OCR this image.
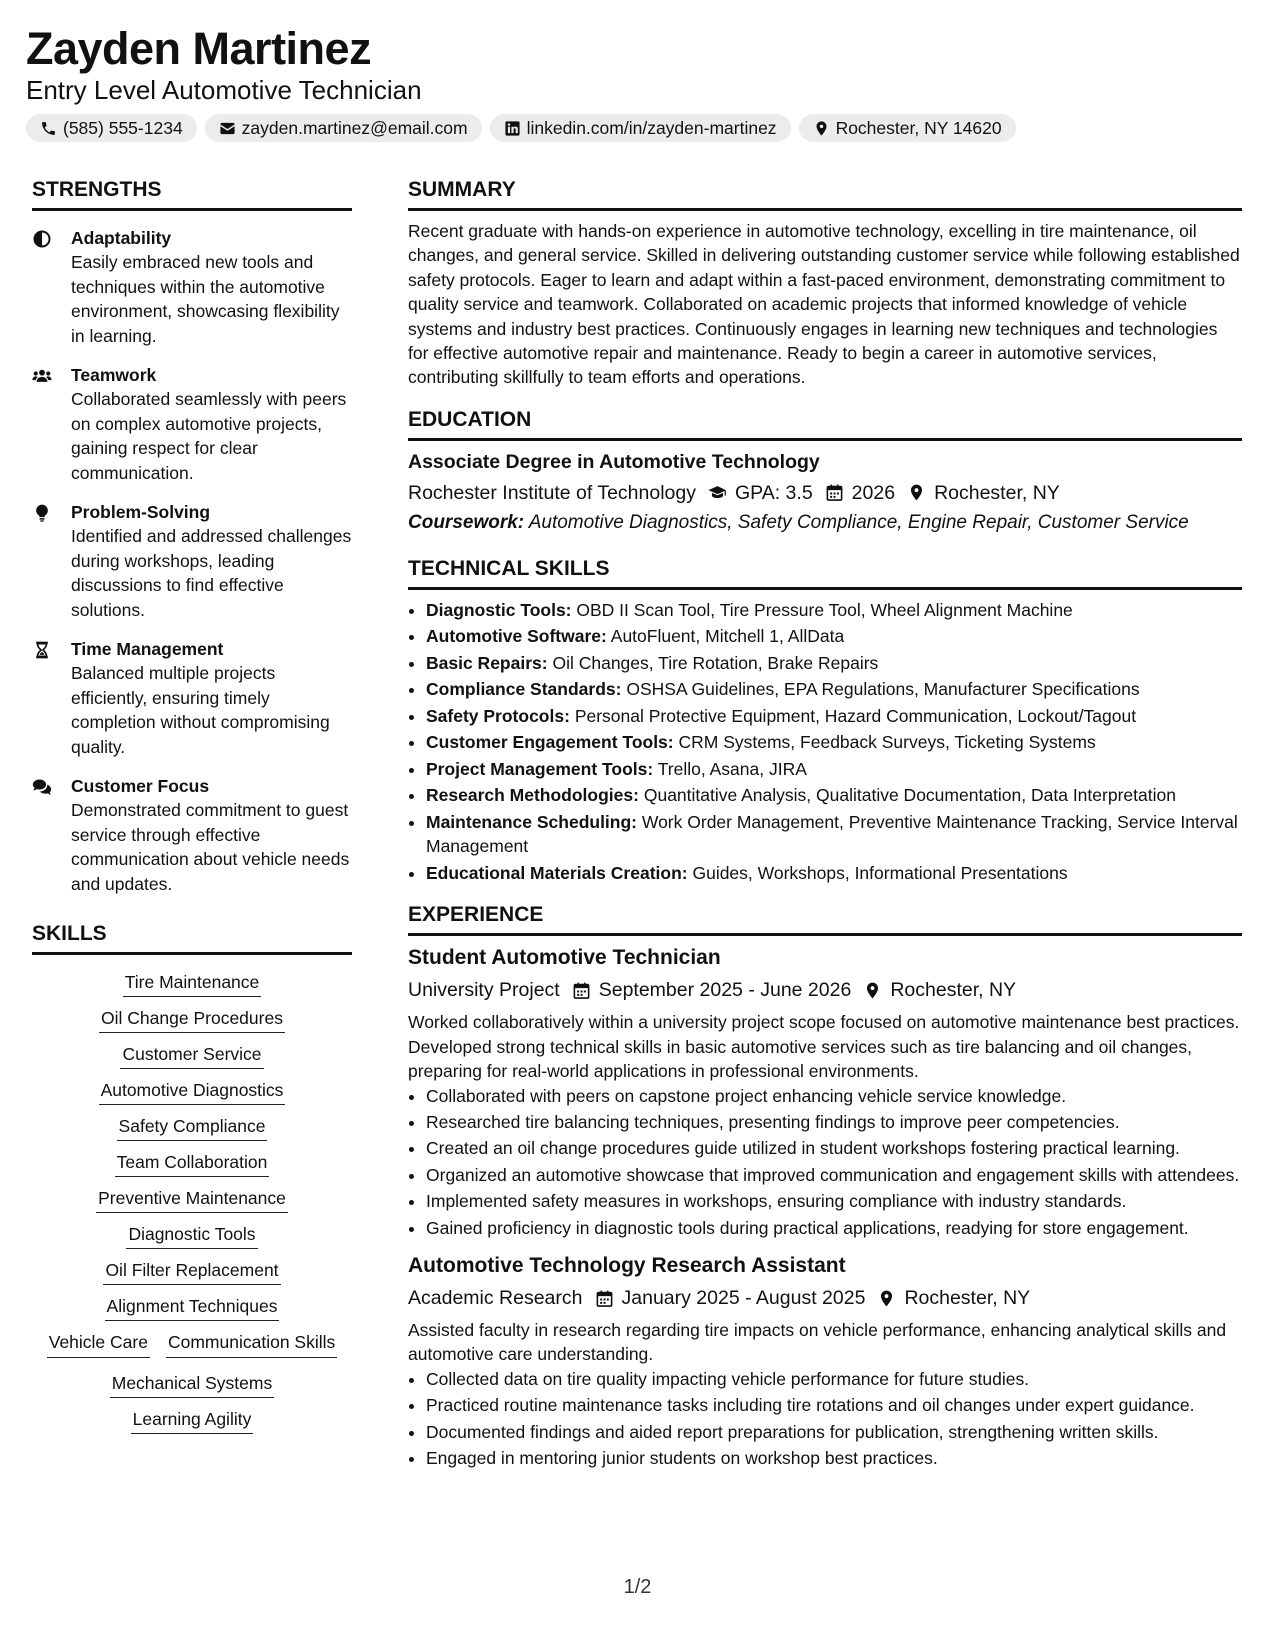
Zayden Martinez
Entry Level Automotive Technician
(585) 555-1234	zayden.martinez@email.com	linkedin.com/in/zayden-martinez	Rochester, NY 14620
STRENGTHS
Adaptability
Easily embraced new tools and techniques within the automotive environment, showcasing flexibility in learning.
Teamwork
Collaborated seamlessly with peers on complex automotive projects, gaining respect for clear communication.
Problem-Solving
Identified and addressed challenges during workshops, leading discussions to find effective solutions.
Time Management
Balanced multiple projects efficiently, ensuring timely completion without compromising quality.
Customer Focus
Demonstrated commitment to guest service through effective communication about vehicle needs and updates.
SKILLS
Tire Maintenance
Oil Change Procedures
Customer Service
Automotive Diagnostics
Safety Compliance
Team Collaboration
Preventive Maintenance
Diagnostic Tools
Oil Filter Replacement
Alignment Techniques
Vehicle Care Communication Skills
Mechanical Systems
Learning Agility
SUMMARY
Recent graduate with hands-on experience in automotive technology, excelling in tire maintenance, oil changes, and general service. Skilled in delivering outstanding customer service while following established safety protocols. Eager to learn and adapt within a fast-paced environment, demonstrating commitment to quality service and teamwork. Collaborated on academic projects that informed knowledge of vehicle systems and industry best practices. Continuously engages in learning new techniques and technologies for effective automotive repair and maintenance. Ready to begin a career in automotive services, contributing skillfully to team efforts and operations.
EDUCATION
Associate Degree in Automotive Technology
Rochester Institute of Technology GPA: 3.5 2026 Rochester, NY
Coursework: Automotive Diagnostics, Safety Compliance, Engine Repair, Customer Service
TECHNICAL SKILLS
• Diagnostic Tools: OBD II Scan Tool, Tire Pressure Tool, Wheel Alignment Machine
• Automotive Software: AutoFluent, Mitchell 1, AllData
• Basic Repairs: Oil Changes, Tire Rotation, Brake Repairs
• Compliance Standards: OSHSA Guidelines, EPA Regulations, Manufacturer Specifications
• Safety Protocols: Personal Protective Equipment, Hazard Communication, Lockout/Tagout
• Customer Engagement Tools: CRM Systems, Feedback Surveys, Ticketing Systems
• Project Management Tools: Trello, Asana, JIRA
• Research Methodologies: Quantitative Analysis, Qualitative Documentation, Data Interpretation
• Maintenance Scheduling: Work Order Management, Preventive Maintenance Tracking, Service Interval Management
• Educational Materials Creation: Guides, Workshops, Informational Presentations
EXPERIENCE
Student Automotive Technician
University Project September 2025 - June 2026 Rochester, NY
Worked collaboratively within a university project scope focused on automotive maintenance best practices. Developed strong technical skills in basic automotive services such as tire balancing and oil changes, preparing for real-world applications in professional environments.
• Collaborated with peers on capstone project enhancing vehicle service knowledge.
• Researched tire balancing techniques, presenting findings to improve peer competencies.
• Created an oil change procedures guide utilized in student workshops fostering practical learning.
• Organized an automotive showcase that improved communication and engagement skills with attendees.
• Implemented safety measures in workshops, ensuring compliance with industry standards.
• Gained proficiency in diagnostic tools during practical applications, readying for store engagement.
Automotive Technology Research Assistant
Academic Research January 2025 - August 2025 Rochester, NY
Assisted faculty in research regarding tire impacts on vehicle performance, enhancing analytical skills and automotive care understanding.
• Collected data on tire quality impacting vehicle performance for future studies.
• Practiced routine maintenance tasks including tire rotations and oil changes under expert guidance.
• Documented findings and aided report preparations for publication, strengthening written skills.
• Engaged in mentoring junior students on workshop best practices.
1/2
